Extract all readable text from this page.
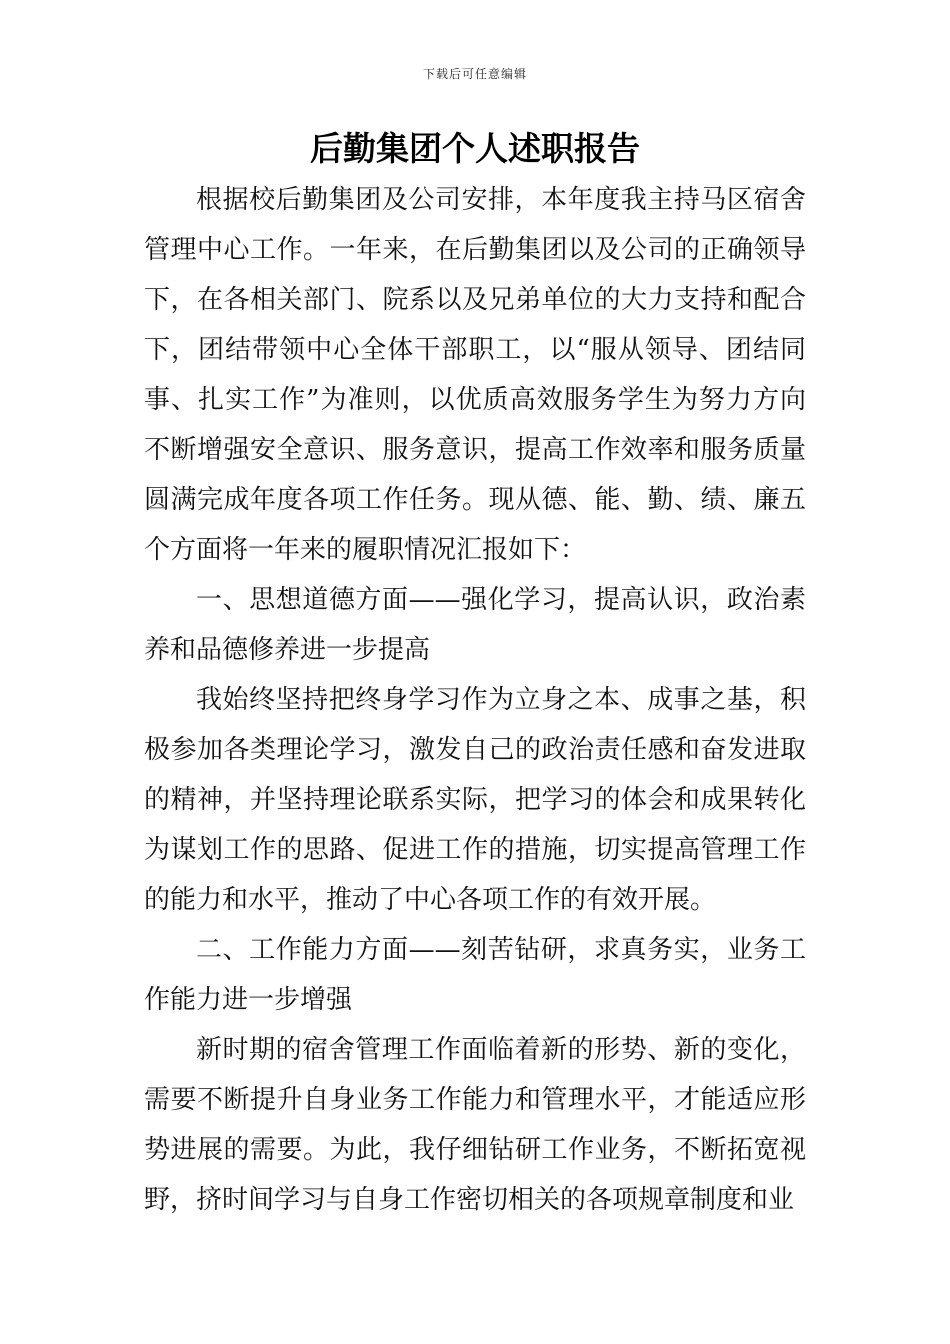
下载后可任意编辑
后勤集团个人述职报告

根据校后勤集团及公司安排，本年度我主持马区宿舍管理中心工作。一年来，在后勤集团以及公司的正确领导下，在各相关部门、院系以及兄弟单位的大力支持和配合下，团结带领中心全体干部职工，以“服从领导、团结同事、扎实工作”为准则，以优质高效服务学生为努力方向不断增强安全意识、服务意识，提高工作效率和服务质量圆满完成年度各项工作任务。现从德、能、勤、绩、廉五个方面将一年来的履职情况汇报如下：

一、思想道德方面——强化学习，提高认识，政治素养和品德修养进一步提高

我始终坚持把终身学习作为立身之本、成事之基，积极参加各类理论学习，激发自己的政治责任感和奋发进取的精神，并坚持理论联系实际，把学习的体会和成果转化为谋划工作的思路、促进工作的措施，切实提高管理工作的能力和水平，推动了中心各项工作的有效开展。

二、工作能力方面——刻苦钻研，求真务实，业务工作能力进一步增强

新时期的宿舍管理工作面临着新的形势、新的变化，需要不断提升自身业务工作能力和管理水平，才能适应形势进展的需要。为此，我仔细钻研工作业务，不断拓宽视野，挤时间学习与自身工作密切相关的各项规章制度和业
